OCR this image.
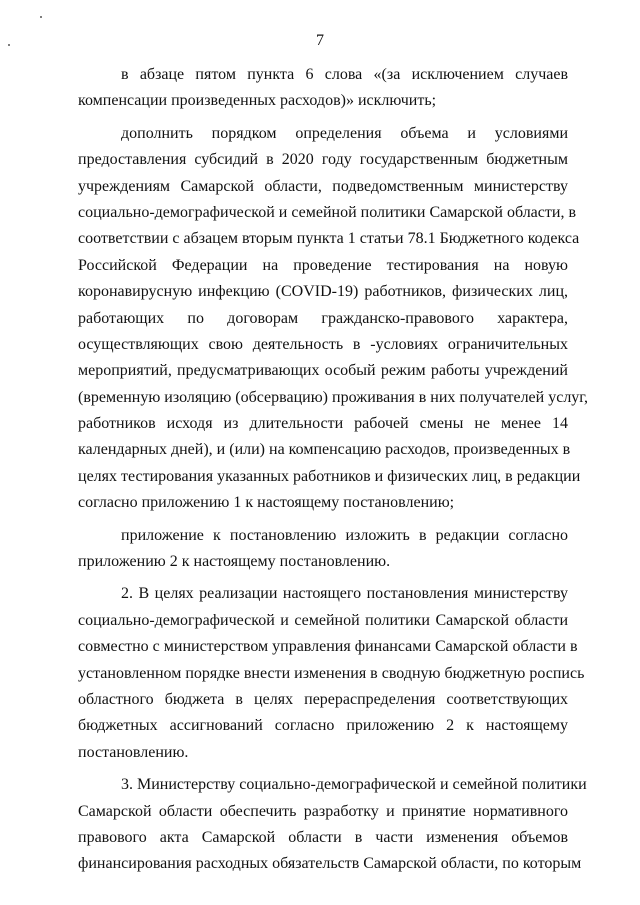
7
в абзаце пятом пункта 6 слова «(за исключением случаев
компенсации произведенных расходов)» исключить;
дополнить порядком определения объема и условиями
предоставления субсидий в 2020 году государственным бюджетным
учреждениям Самарской области, подведомственным министерству
социально-демографической и семейной политики Самарской области, в
соответствии с абзацем вторым пункта 1 статьи 78.1 Бюджетного кодекса
Российской Федерации на проведение тестирования на новую
коронавирусную инфекцию (COVID-19) работников, физических лиц,
работающих по договорам гражданско-правового характера,
осуществляющих свою деятельность в ‑условиях ограничительных
мероприятий, предусматривающих особый режим работы учреждений
(временную изоляцию (обсервацию) проживания в них получателей услуг,
работников исходя из длительности рабочей смены не менее 14
календарных дней), и (или) на компенсацию расходов, произведенных в
целях тестирования указанных работников и физических лиц, в редакции
согласно приложению 1 к настоящему постановлению;
приложение к постановлению изложить в редакции согласно
приложению 2 к настоящему постановлению.
2. В целях реализации настоящего постановления министерству
социально-демографической и семейной политики Самарской области
совместно с министерством управления финансами Самарской области в
установленном порядке внести изменения в сводную бюджетную роспись
областного бюджета в целях перераспределения соответствующих
бюджетных ассигнований согласно приложению 2 к настоящему
постановлению.
3. Министерству социально-демографической и семейной политики
Самарской области обеспечить разработку и принятие нормативного
правового акта Самарской области в части изменения объемов
финансирования расходных обязательств Самарской области, по которым
